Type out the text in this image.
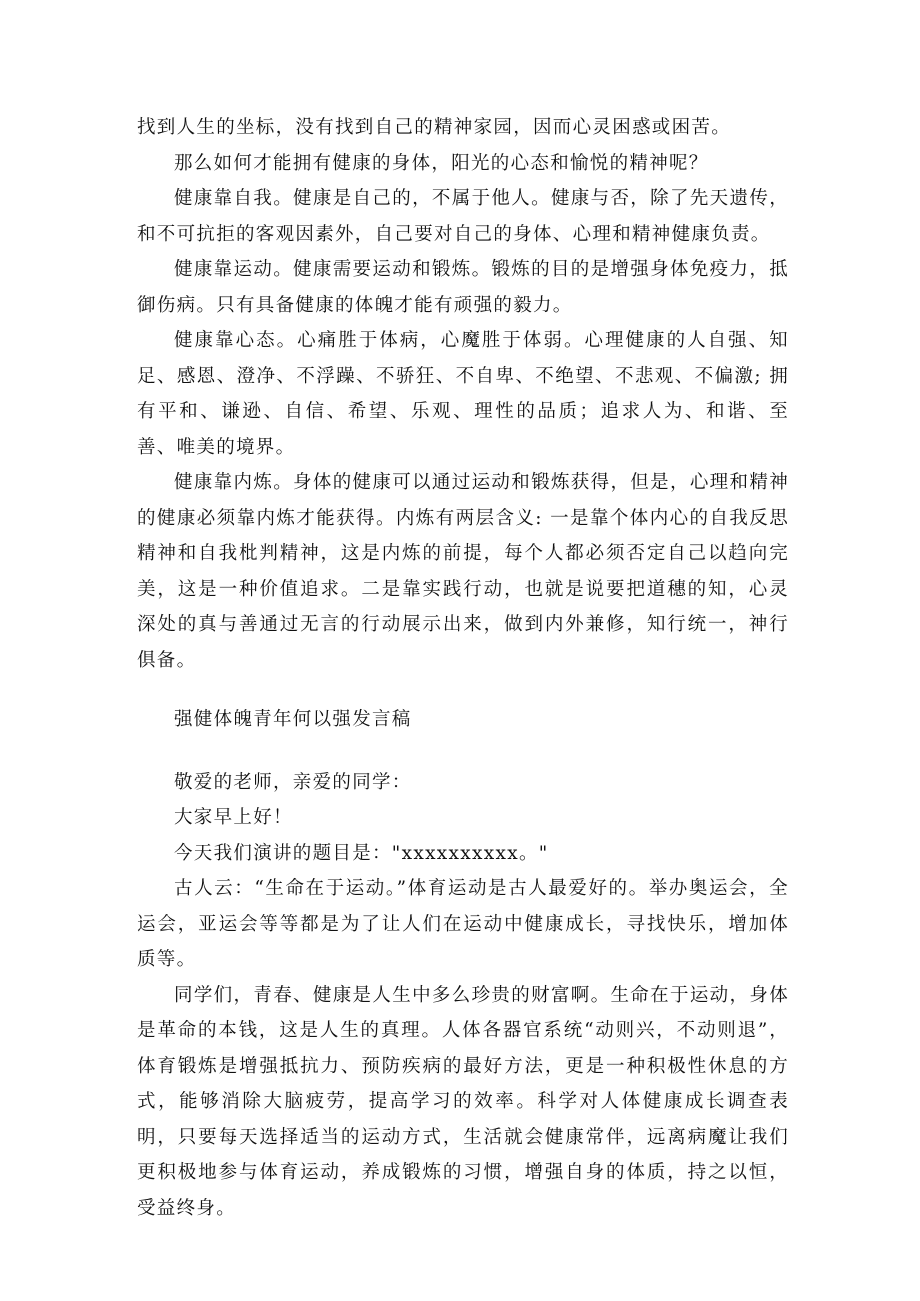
找到人生的坐标，没有找到自己的精神家园，因而心灵困惑或困苦。

那么如何才能拥有健康的身体，阳光的心态和愉悦的精神呢？

健康靠自我。健康是自己的，不属于他人。健康与否，除了先天遗传，和不可抗拒的客观因素外，自己要对自己的身体、心理和精神健康负责。

健康靠运动。健康需要运动和锻炼。锻炼的目的是增强身体免疫力，抵御伤病。只有具备健康的体魄才能有顽强的毅力。

健康靠心态。心痛胜于体病，心魔胜于体弱。心理健康的人自强、知足、感恩、澄净、不浮躁、不骄狂、不自卑、不绝望、不悲观、不偏激; 拥有平和、谦逊、自信、希望、乐观、理性的品质；追求人为、和谐、至善、唯美的境界。

健康靠内炼。身体的健康可以通过运动和锻炼获得，但是，心理和精神的健康必须靠内炼才能获得。内炼有两层含义: 一是靠个体内心的自我反思精神和自我枇判精神，这是内炼的前提，每个人都必须否定自己以趋向完美，这是一种价值追求。二是靠实践行动，也就是说要把道穗的知，心灵深处的真与善通过无言的行动展示出来，做到内外兼修，知行统一，神行俱备。

强健体魄青年何以强发言稿

敬爱的老师，亲爱的同学：

大家早上好！

今天我们演讲的题目是："xxxxxxxxxx。"

古人云：“生命在于运动。”体育运动是古人最爱好的。举办奥运会，全运会，亚运会等等都是为了让人们在运动中健康成长，寻找快乐，增加体质等。

同学们，青春、健康是人生中多么珍贵的财富啊。生命在于运动，身体是革命的本钱，这是人生的真理。人体各器官系统“动则兴，不动则退”，体育锻炼是增强抵抗力、预防疾病的最好方法，更是一种积极性休息的方式，能够消除大脑疲劳，提高学习的效率。科学对人体健康成长调查表明，只要每天选择适当的运动方式，生活就会健康常伴，远离病魔让我们更积极地参与体育运动，养成锻炼的习惯，增强自身的体质，持之以恒，受益终身。
